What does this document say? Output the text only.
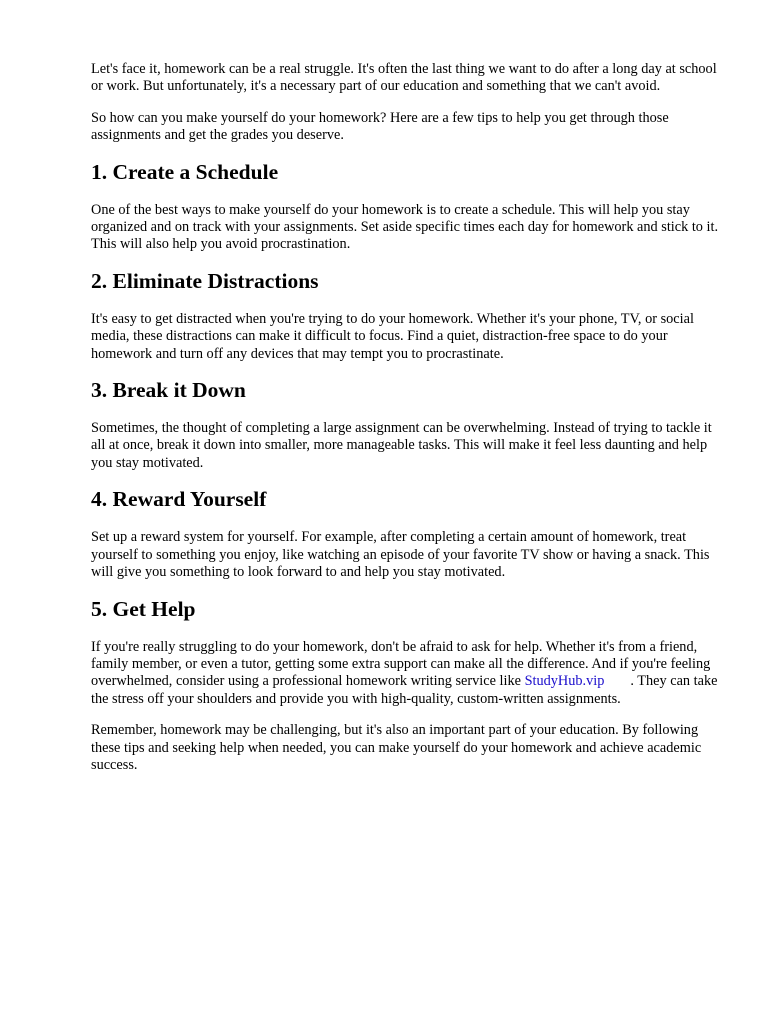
Let's face it, homework can be a real struggle. It's often the last thing we want to do after a long day at school or work. But unfortunately, it's a necessary part of our education and something that we can't avoid.

So how can you make yourself do your homework? Here are a few tips to help you get through those assignments and get the grades you deserve.

1. Create a Schedule

One of the best ways to make yourself do your homework is to create a schedule. This will help you stay organized and on track with your assignments. Set aside specific times each day for homework and stick to it. This will also help you avoid procrastination.

2. Eliminate Distractions

It's easy to get distracted when you're trying to do your homework. Whether it's your phone, TV, or social media, these distractions can make it difficult to focus. Find a quiet, distraction-free space to do your homework and turn off any devices that may tempt you to procrastinate.

3. Break it Down

Sometimes, the thought of completing a large assignment can be overwhelming. Instead of trying to tackle it all at once, break it down into smaller, more manageable tasks. This will make it feel less daunting and help you stay motivated.

4. Reward Yourself

Set up a reward system for yourself. For example, after completing a certain amount of homework, treat yourself to something you enjoy, like watching an episode of your favorite TV show or having a snack. This will give you something to look forward to and help you stay motivated.

5. Get Help

If you're really struggling to do your homework, don't be afraid to ask for help. Whether it's from a friend, family member, or even a tutor, getting some extra support can make all the difference. And if you're feeling overwhelmed, consider using a professional homework writing service like StudyHub.vip . They can take the stress off your shoulders and provide you with high-quality, custom-written assignments.

Remember, homework may be challenging, but it's also an important part of your education. By following these tips and seeking help when needed, you can make yourself do your homework and achieve academic success.
